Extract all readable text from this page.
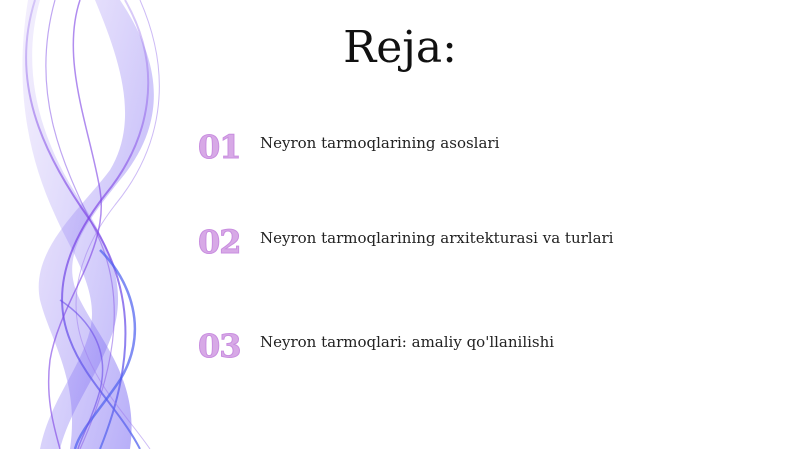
Reja:
01 Neyron tarmoqlarining asoslari
02 Neyron tarmoqlarining arxitekturasi va turlari
03 Neyron tarmoqlari: amaliy qo'llanilishi
